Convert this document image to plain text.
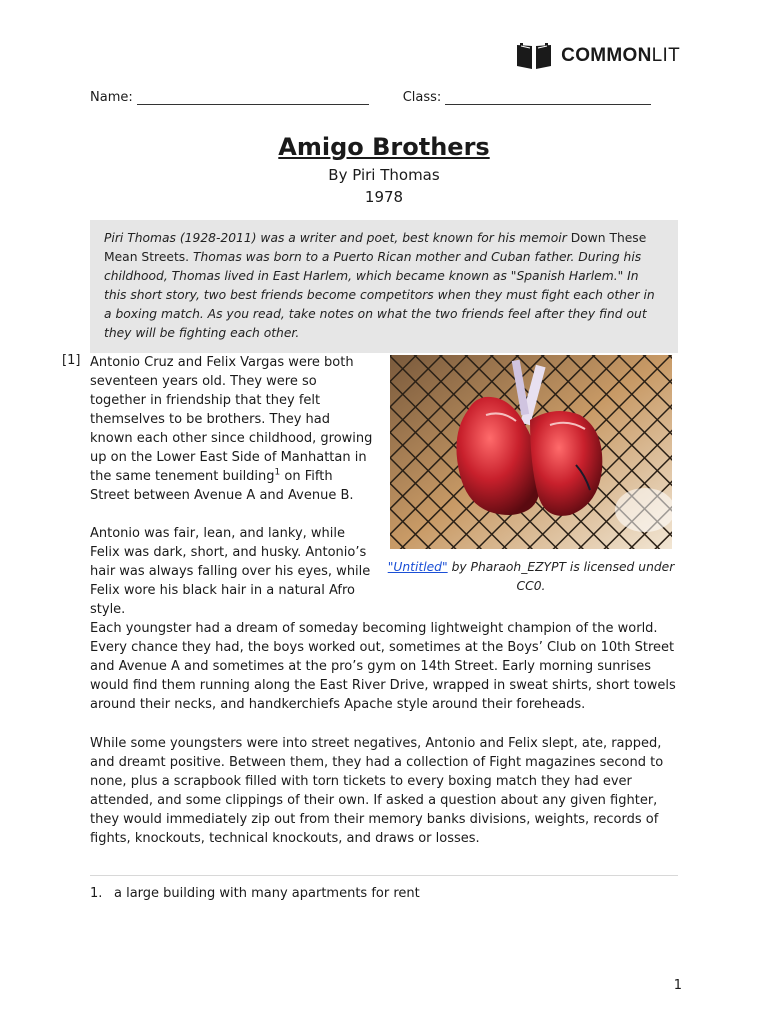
COMMONLIT
Name:	Class:
Amigo Brothers

By Piri Thomas

1978

Piri Thomas (1928-2011) was a writer and poet, best known for his memoir Down These Mean Streets. Thomas was born to a Puerto Rican mother and Cuban father. During his childhood, Thomas lived in East Harlem, which became known as "Spanish Harlem." In this short story, two best friends become competitors when they must fight each other in a boxing match. As you read, take notes on what the two friends feel after they find out they will be fighting each other.
[1] Antonio Cruz and Felix Vargas were both seventeen years old. They were so together in friendship that they felt themselves to be brothers. They had known each other since childhood, growing up on the Lower East Side of Manhattan in the same tenement building$^1$ on Fifth Street between Avenue A and Avenue B.

Antonio was fair, lean, and lanky, while Felix was dark, short, and husky. Antonio’s hair was always falling over his eyes, while Felix wore his black hair in a natural Afro style.

"Untitled" by Pharaoh_EZYPT is licensed under CC0.

Each youngster had a dream of someday becoming lightweight champion of the world. Every chance they had, the boys worked out, sometimes at the Boys’ Club on 10th Street and Avenue A and sometimes at the pro’s gym on 14th Street. Early morning sunrises would find them running along the East River Drive, wrapped in sweat shirts, short towels around their necks, and handkerchiefs Apache style around their foreheads.

While some youngsters were into street negatives, Antonio and Felix slept, ate, rapped, and dreamt positive. Between them, they had a collection of Fight magazines second to none, plus a scrapbook filled with torn tickets to every boxing match they had ever attended, and some clippings of their own. If asked a question about any given fighter, they would immediately zip out from their memory banks divisions, weights, records of fights, knockouts, technical knockouts, and draws or losses.

1. a large building with many apartments for rent
1
